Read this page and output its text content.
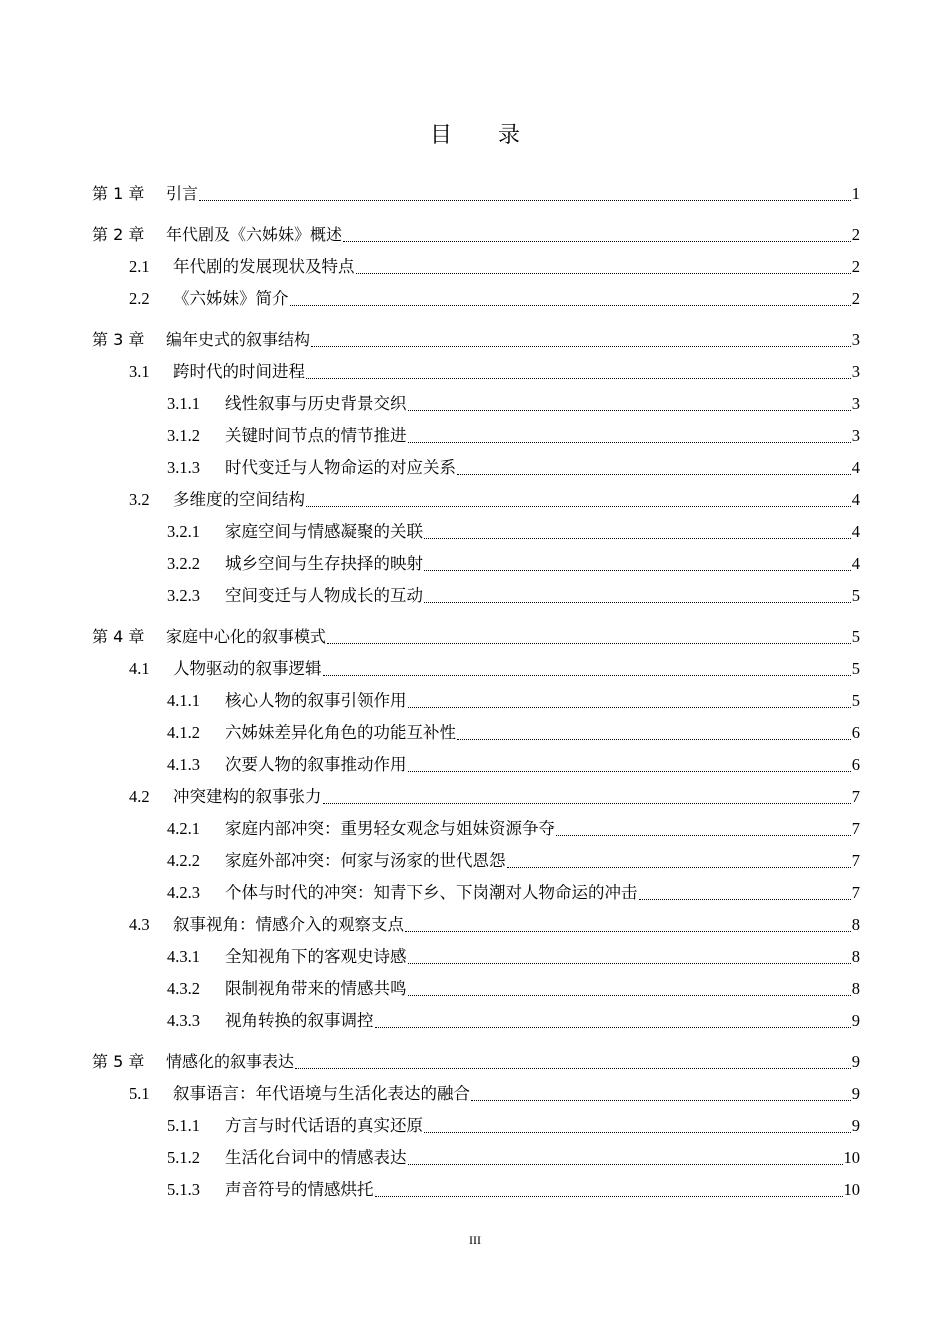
目录
第 1 章	引言	1
第 2 章	年代剧及《六姊妹》概述	2
2.1	年代剧的发展现状及特点	2
2.2	《六姊妹》简介	2
第 3 章	编年史式的叙事结构	3
3.1	跨时代的时间进程	3
3.1.1	线性叙事与历史背景交织	3
3.1.2	关键时间节点的情节推进	3
3.1.3	时代变迁与人物命运的对应关系	4
3.2	多维度的空间结构	4
3.2.1	家庭空间与情感凝聚的关联	4
3.2.2	城乡空间与生存抉择的映射	4
3.2.3	空间变迁与人物成长的互动	5
第 4 章	家庭中心化的叙事模式	5
4.1	人物驱动的叙事逻辑	5
4.1.1	核心人物的叙事引领作用	5
4.1.2	六姊妹差异化角色的功能互补性	6
4.1.3	次要人物的叙事推动作用	6
4.2	冲突建构的叙事张力	7
4.2.1	家庭内部冲突：重男轻女观念与姐妹资源争夺	7
4.2.2	家庭外部冲突：何家与汤家的世代恩怨	7
4.2.3	个体与时代的冲突：知青下乡、下岗潮对人物命运的冲击	7
4.3	叙事视角：情感介入的观察支点	8
4.3.1	全知视角下的客观史诗感	8
4.3.2	限制视角带来的情感共鸣	8
4.3.3	视角转换的叙事调控	9
第 5 章	情感化的叙事表达	9
5.1	叙事语言：年代语境与生活化表达的融合	9
5.1.1	方言与时代话语的真实还原	9
5.1.2	生活化台词中的情感表达	10
5.1.3	声音符号的情感烘托	10
III
